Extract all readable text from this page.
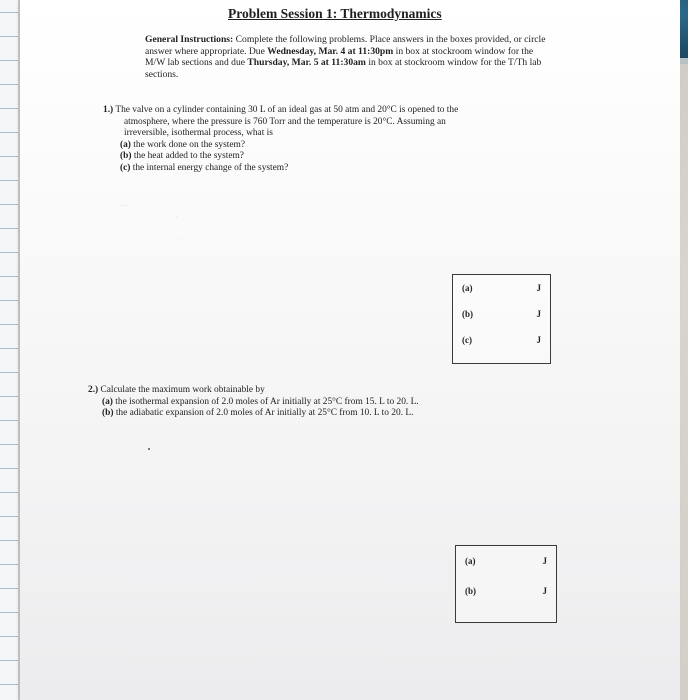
⋯
·
·
Problem Session 1: Thermodynamics
General Instructions: Complete the following problems. Place answers in the boxes provided, or circle answer where appropriate. Due Wednesday, Mar. 4 at 11:30pm in box at stockroom window for the M/W lab sections and due Thursday, Mar. 5 at 11:30am in box at stockroom window for the T/Th lab sections.
1.) The valve on a cylinder containing 30 L of an ideal gas at 50 atm and 20°C is opened to the
atmosphere, where the pressure is 760 Torr and the temperature is 20°C. Assuming an
irreversible, isothermal process, what is
(a) the work done on the system?
(b) the heat added to the system?
(c) the internal energy change of the system?
(a)	J
(b)	J
(c)	J
2.) Calculate the maximum work obtainable by
(a) the isothermal expansion of 2.0 moles of Ar initially at 25°C from 15. L to 20. L.
(b) the adiabatic expansion of 2.0 moles of Ar initially at 25°C from 10. L to 20. L.
(a)	J
(b)	J
